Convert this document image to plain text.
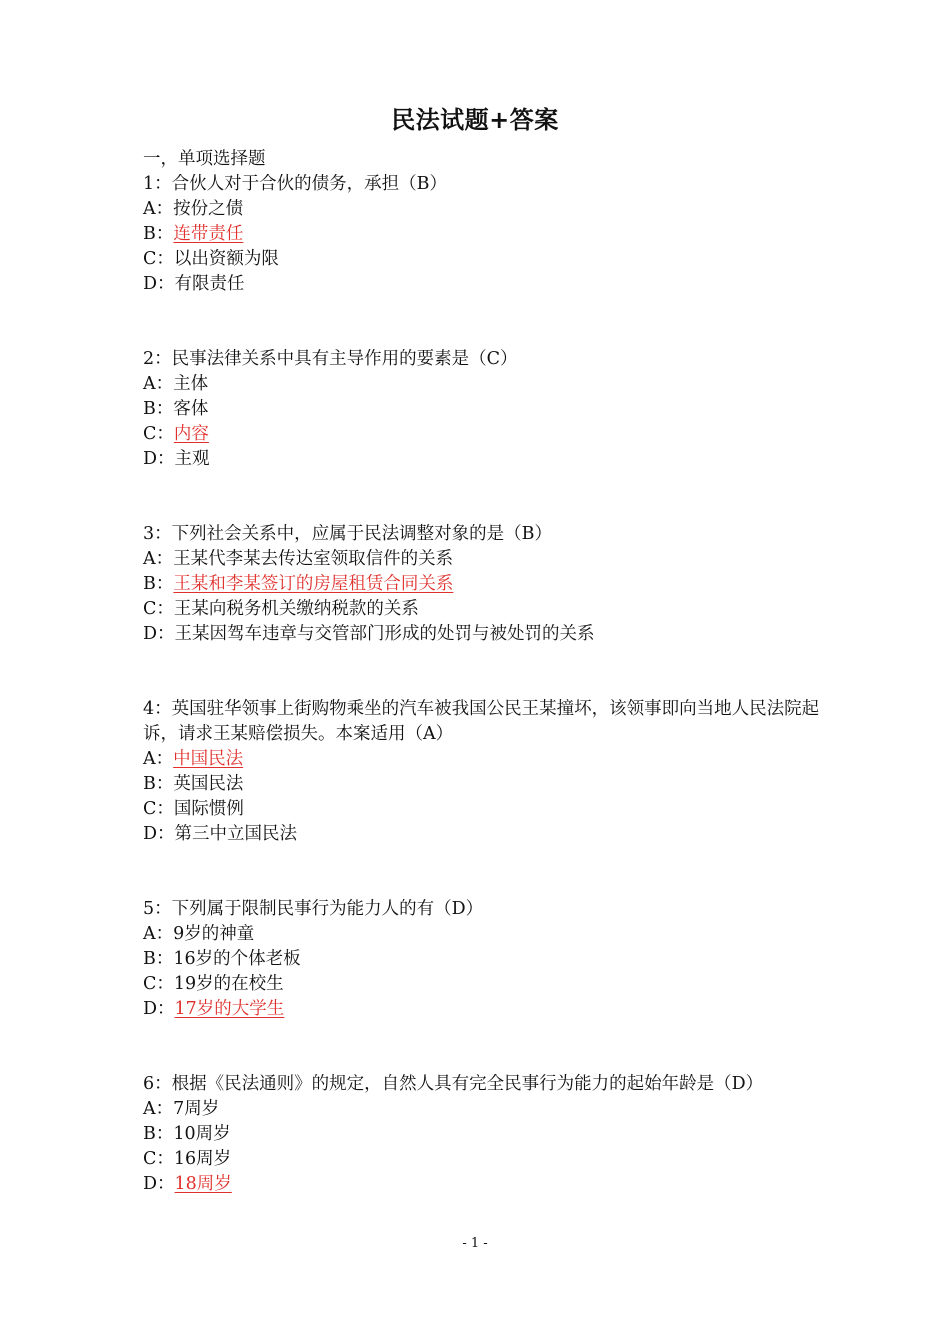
民法试题+答案

一，单项选择题

1：合伙人对于合伙的债务，承担（B）

A：按份之债

B：连带责任

C：以出资额为限

D：有限责任

2：民事法律关系中具有主导作用的要素是（C）

A：主体

B：客体

C：内容

D：主观

3：下列社会关系中，应属于民法调整对象的是（B）

A：王某代李某去传达室领取信件的关系

B：王某和李某签订的房屋租赁合同关系

C：王某向税务机关缴纳税款的关系

D：王某因驾车违章与交管部门形成的处罚与被处罚的关系

4：英国驻华领事上街购物乘坐的汽车被我国公民王某撞坏，该领事即向当地人民法院起诉，请求王某赔偿损失。本案适用（A）

A：中国民法

B：英国民法

C：国际惯例

D：第三中立国民法

5：下列属于限制民事行为能力人的有（D）

A：9岁的神童

B：16岁的个体老板

C：19岁的在校生

D：17岁的大学生

6：根据《民法通则》的规定，自然人具有完全民事行为能力的起始年龄是（D）

A：7周岁

B：10周岁

C：16周岁

D：18周岁

- 1 -
